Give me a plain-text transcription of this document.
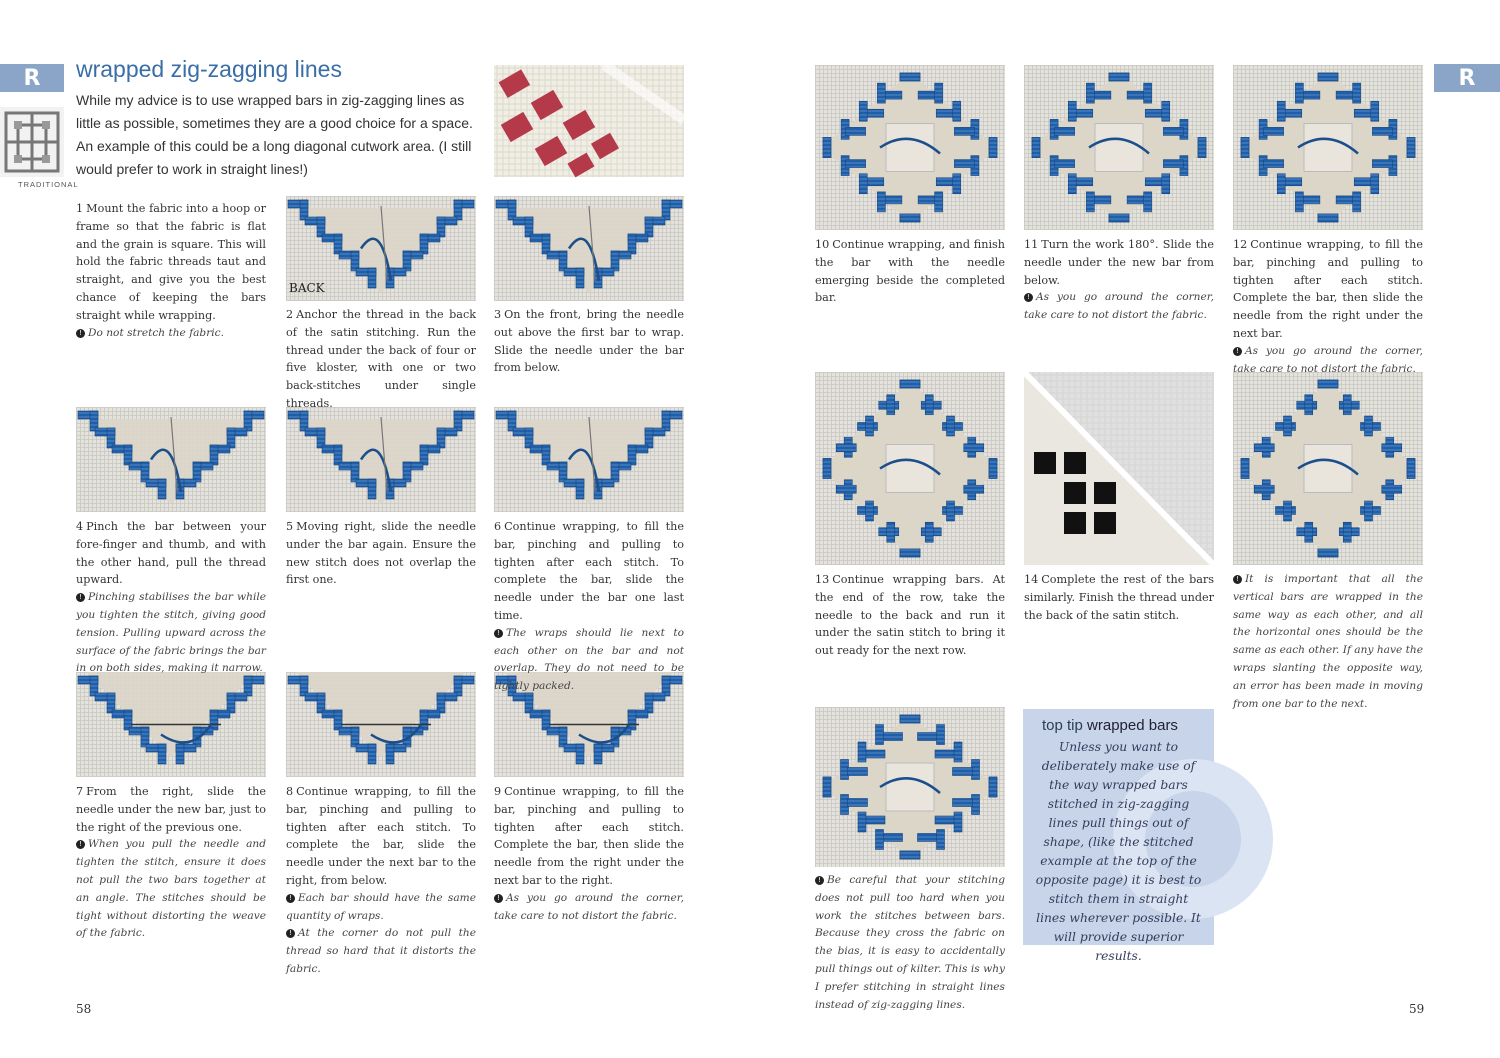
R	R
TRADITIONAL
wrapped zig-zagging lines
While my advice is to use wrapped bars in zig-zagging lines as little as possible, sometimes they are a good choice for a space. An example of this could be a long diagonal cutwork area. (I still would prefer to work in straight lines!)
BACK
1 Mount the fabric into a hoop or frame so that the fabric is flat and the grain is square. This will hold the fabric threads taut and straight, and give you the best chance of keeping the bars straight while wrapping.
! Do not stretch the fabric.
2 Anchor the thread in the back of the satin stitching. Run the thread under the back of four or five kloster, with one or two back-stitches under single threads.
3 On the front, bring the needle out above the first bar to wrap. Slide the needle under the bar from below.
4 Pinch the bar between your fore-finger and thumb, and with the other hand, pull the thread upward.
! Pinching stabilises the bar while you tighten the stitch, giving good tension. Pulling upward across the surface of the fabric brings the bar in on both sides, making it narrow.
5 Moving right, slide the needle under the bar again. Ensure the new stitch does not overlap the first one.
6 Continue wrapping, to fill the bar, pinching and pulling to tighten after each stitch. To complete the bar, slide the needle under the bar one last time.
! The wraps should lie next to each other on the bar and not overlap. They do not need to be tightly packed.
7 From the right, slide the needle under the new bar, just to the right of the previous one.
! When you pull the needle and tighten the stitch, ensure it does not pull the two bars together at an angle. The stitches should be tight without distorting the weave of the fabric.
8 Continue wrapping, to fill the bar, pinching and pulling to tighten after each stitch. To complete the bar, slide the needle under the next bar to the right, from below.
! Each bar should have the same quantity of wraps.
! At the corner do not pull the thread so hard that it distorts the fabric.
9 Continue wrapping, to fill the bar, pinching and pulling to tighten after each stitch. Complete the bar, then slide the needle from the right under the next bar to the right.
! As you go around the corner, take care to not distort the fabric.
10 Continue wrapping, and finish the bar with the needle emerging beside the completed bar.
11 Turn the work 180°. Slide the needle under the new bar from below.
! As you go around the corner, take care to not distort the fabric.
12 Continue wrapping, to fill the bar, pinching and pulling to tighten after each stitch. Complete the bar, then slide the needle from the right under the next bar.
! As you go around the corner, take care to not distort the fabric.
13 Continue wrapping bars. At the end of the row, take the needle to the back and run it under the satin stitch to bring it out ready for the next row.
14 Complete the rest of the bars similarly. Finish the thread under the back of the satin stitch.
! It is important that all the vertical bars are wrapped in the same way as each other, and all the horizontal ones should be the same as each other. If any have the wraps slanting the opposite way, an error has been made in moving from one bar to the next.
! Be careful that your stitching does not pull too hard when you work the stitches between bars. Because they cross the fabric on the bias, it is easy to accidentally pull things out of kilter. This is why I prefer stitching in straight lines instead of zig-zagging lines.
top tip wrapped bars
Unless you want to deliberately make use of the way wrapped bars stitched in zig-zagging lines pull things out of shape, (like the stitched example at the top of the opposite page) it is best to stitch them in straight lines wherever possible. It will provide superior results.
58	59
